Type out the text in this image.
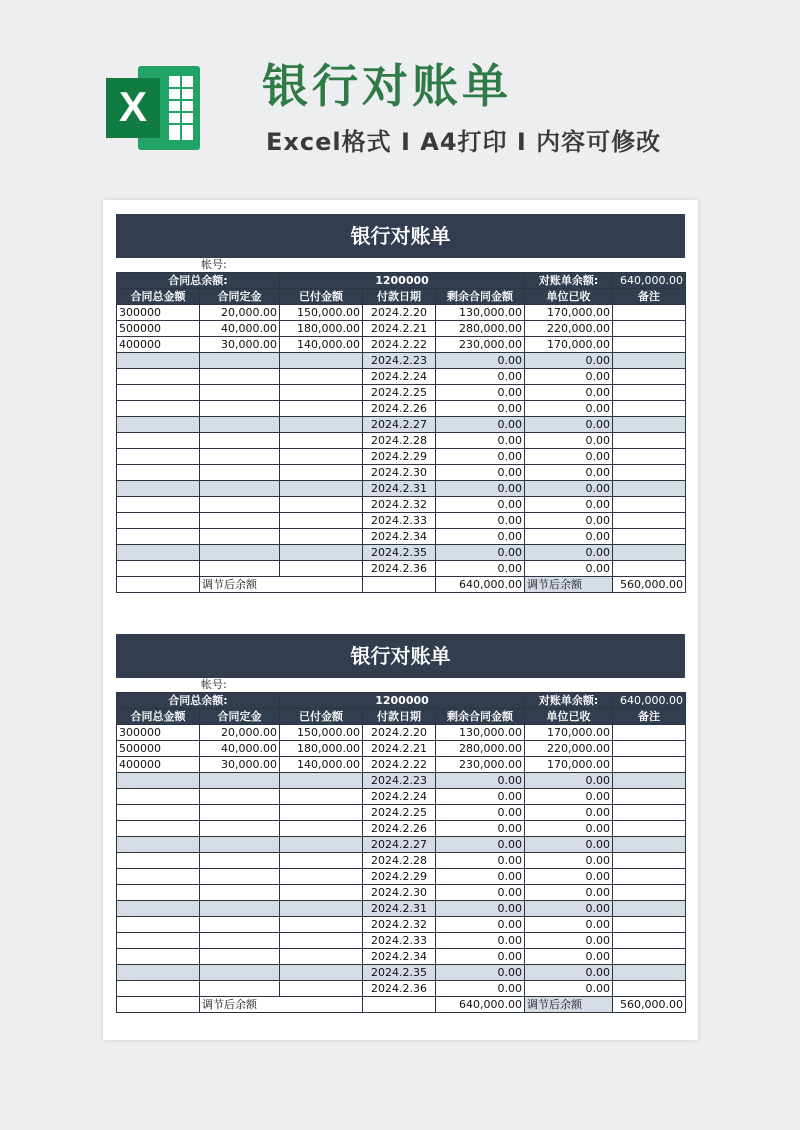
X 银行对账单
Excel格式 I A4打印 I 内容可修改
银行对账单
帐号:
合同总余额:		1200000			对账单余额:	640,000.00
合同总金额	合同定金	已付金额	付款日期	剩余合同金额	单位已收	备注
300000	20,000.00	150,000.00	2024.2.20	130,000.00	170,000.00	
500000	40,000.00	180,000.00	2024.2.21	280,000.00	220,000.00	
400000	30,000.00	140,000.00	2024.2.22	230,000.00	170,000.00	
			2024.2.23	0.00	0.00	
			2024.2.24	0.00	0.00	
			2024.2.25	0.00	0.00	
			2024.2.26	0.00	0.00	
			2024.2.27	0.00	0.00	
			2024.2.28	0.00	0.00	
			2024.2.29	0.00	0.00	
			2024.2.30	0.00	0.00	
			2024.2.31	0.00	0.00	
			2024.2.32	0.00	0.00	
			2024.2.33	0.00	0.00	
			2024.2.34	0.00	0.00	
			2024.2.35	0.00	0.00	
			2024.2.36	0.00	0.00	
	调节后余额			640,000.00	调节后余额	560,000.00
银行对账单
帐号:
合同总余额:		1200000			对账单余额:	640,000.00
合同总金额	合同定金	已付金额	付款日期	剩余合同金额	单位已收	备注
300000	20,000.00	150,000.00	2024.2.20	130,000.00	170,000.00	
500000	40,000.00	180,000.00	2024.2.21	280,000.00	220,000.00	
400000	30,000.00	140,000.00	2024.2.22	230,000.00	170,000.00	
			2024.2.23	0.00	0.00	
			2024.2.24	0.00	0.00	
			2024.2.25	0.00	0.00	
			2024.2.26	0.00	0.00	
			2024.2.27	0.00	0.00	
			2024.2.28	0.00	0.00	
			2024.2.29	0.00	0.00	
			2024.2.30	0.00	0.00	
			2024.2.31	0.00	0.00	
			2024.2.32	0.00	0.00	
			2024.2.33	0.00	0.00	
			2024.2.34	0.00	0.00	
			2024.2.35	0.00	0.00	
			2024.2.36	0.00	0.00	
	调节后余额			640,000.00	调节后余额	560,000.00
